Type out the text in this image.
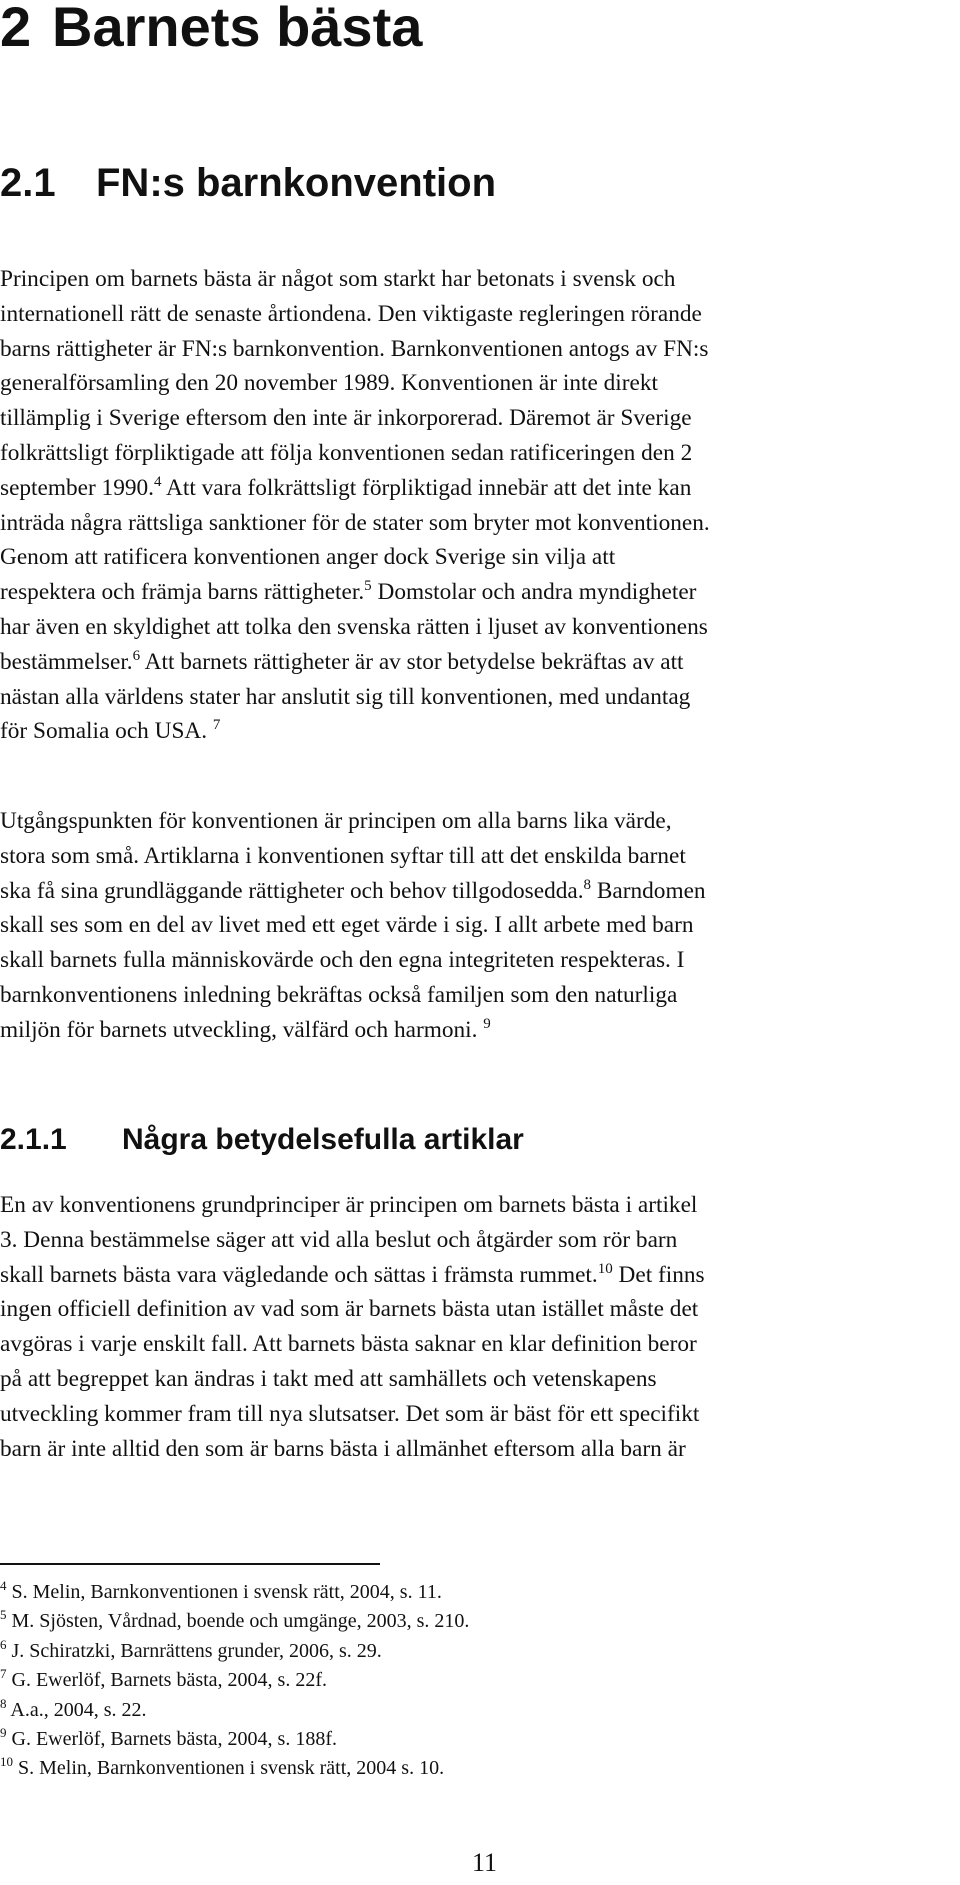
2 Barnets bästa
2.1 FN:s barnkonvention

Principen om barnets bästa är något som starkt har betonats i svensk och
internationell rätt de senaste årtiondena. Den viktigaste regleringen rörande
barns rättigheter är FN:s barnkonvention. Barnkonventionen antogs av FN:s
generalförsamling den 20 november 1989. Konventionen är inte direkt
tillämplig i Sverige eftersom den inte är inkorporerad. Däremot är Sverige
folkrättsligt förpliktigade att följa konventionen sedan ratificeringen den 2
september 1990.$^4$ Att vara folkrättsligt förpliktigad innebär att det inte kan
inträda några rättsliga sanktioner för de stater som bryter mot konventionen.
Genom att ratificera konventionen anger dock Sverige sin vilja att
respektera och främja barns rättigheter.$^5$ Domstolar och andra myndigheter
har även en skyldighet att tolka den svenska rätten i ljuset av konventionens
bestämmelser.$^6$ Att barnets rättigheter är av stor betydelse bekräftas av att
nästan alla världens stater har anslutit sig till konventionen, med undantag
för Somalia och USA. $^7$

Utgångspunkten för konventionen är principen om alla barns lika värde,
stora som små. Artiklarna i konventionen syftar till att det enskilda barnet
ska få sina grundläggande rättigheter och behov tillgodosedda.$^8$ Barndomen
skall ses som en del av livet med ett eget värde i sig. I allt arbete med barn
skall barnets fulla människovärde och den egna integriteten respekteras. I
barnkonventionens inledning bekräftas också familjen som den naturliga
miljön för barnets utveckling, välfärd och harmoni. $^9$

2.1.1 Några betydelsefulla artiklar

En av konventionens grundprinciper är principen om barnets bästa i artikel
3. Denna bestämmelse säger att vid alla beslut och åtgärder som rör barn
skall barnets bästa vara vägledande och sättas i främsta rummet.$^{10}$ Det finns
ingen officiell definition av vad som är barnets bästa utan istället måste det
avgöras i varje enskilt fall. Att barnets bästa saknar en klar definition beror
på att begreppet kan ändras i takt med att samhällets och vetenskapens
utveckling kommer fram till nya slutsatser. Det som är bäst för ett specifikt
barn är inte alltid den som är barns bästa i allmänhet eftersom alla barn är

$^4$ S. Melin, Barnkonventionen i svensk rätt, 2004, s. 11.
$^5$ M. Sjösten, Vårdnad, boende och umgänge, 2003, s. 210.
$^6$ J. Schiratzki, Barnrättens grunder, 2006, s. 29.
$^7$ G. Ewerlöf, Barnets bästa, 2004, s. 22f.
$^8$ A.a., 2004, s. 22.
$^9$ G. Ewerlöf, Barnets bästa, 2004, s. 188f.
$^{10}$ S. Melin, Barnkonventionen i svensk rätt, 2004 s. 10.
11
